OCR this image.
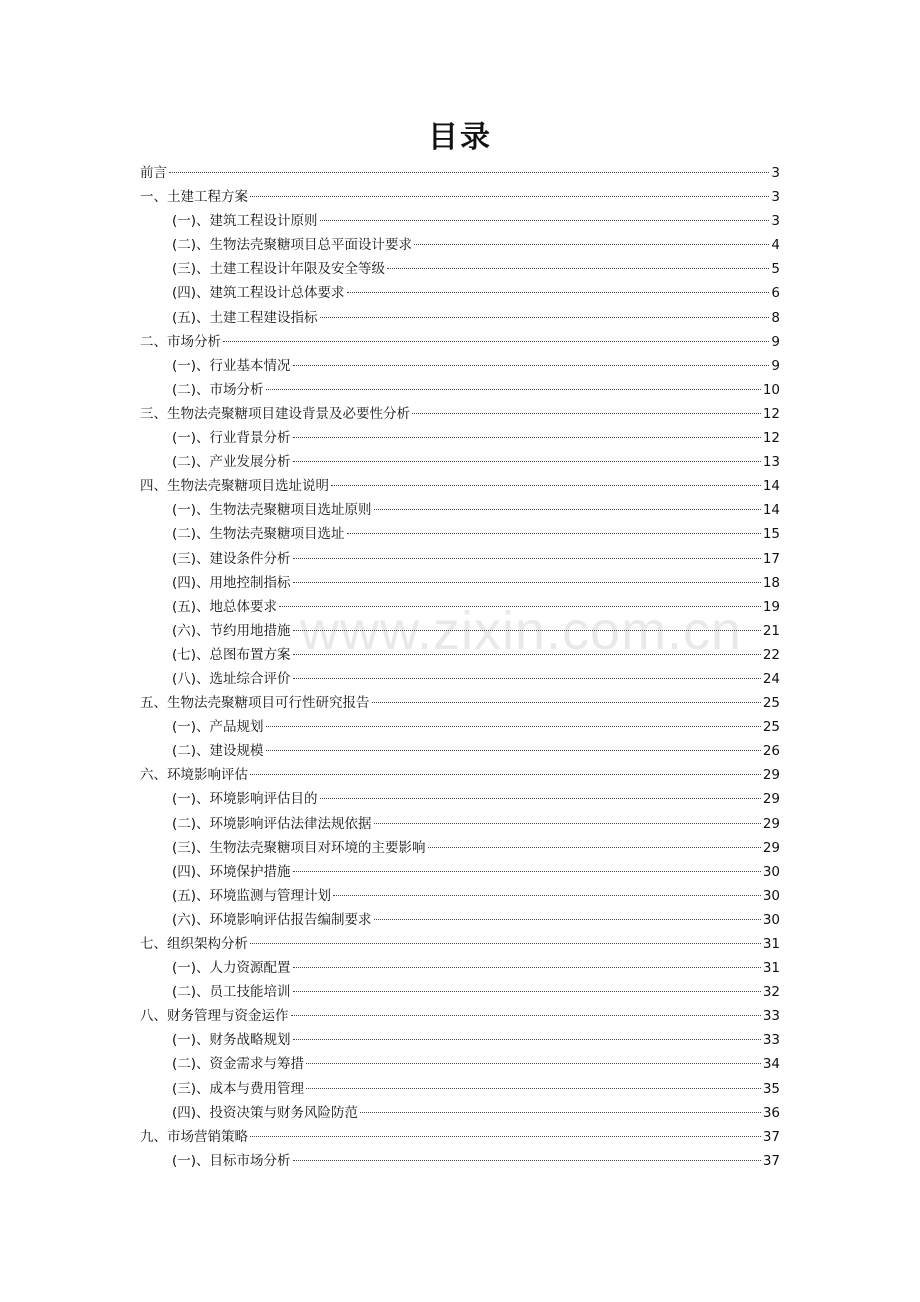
www.zixin.com.cn
目录
前言	3
一、土建工程方案	3
(一)、建筑工程设计原则	3
(二)、生物法壳聚糖项目总平面设计要求	4
(三)、土建工程设计年限及安全等级	5
(四)、建筑工程设计总体要求	6
(五)、土建工程建设指标	8
二、市场分析	9
(一)、行业基本情况	9
(二)、市场分析	10
三、生物法壳聚糖项目建设背景及必要性分析	12
(一)、行业背景分析	12
(二)、产业发展分析	13
四、生物法壳聚糖项目选址说明	14
(一)、生物法壳聚糖项目选址原则	14
(二)、生物法壳聚糖项目选址	15
(三)、建设条件分析	17
(四)、用地控制指标	18
(五)、地总体要求	19
(六)、节约用地措施	21
(七)、总图布置方案	22
(八)、选址综合评价	24
五、生物法壳聚糖项目可行性研究报告	25
(一)、产品规划	25
(二)、建设规模	26
六、环境影响评估	29
(一)、环境影响评估目的	29
(二)、环境影响评估法律法规依据	29
(三)、生物法壳聚糖项目对环境的主要影响	29
(四)、环境保护措施	30
(五)、环境监测与管理计划	30
(六)、环境影响评估报告编制要求	30
七、组织架构分析	31
(一)、人力资源配置	31
(二)、员工技能培训	32
八、财务管理与资金运作	33
(一)、财务战略规划	33
(二)、资金需求与筹措	34
(三)、成本与费用管理	35
(四)、投资决策与财务风险防范	36
九、市场营销策略	37
(一)、目标市场分析	37
